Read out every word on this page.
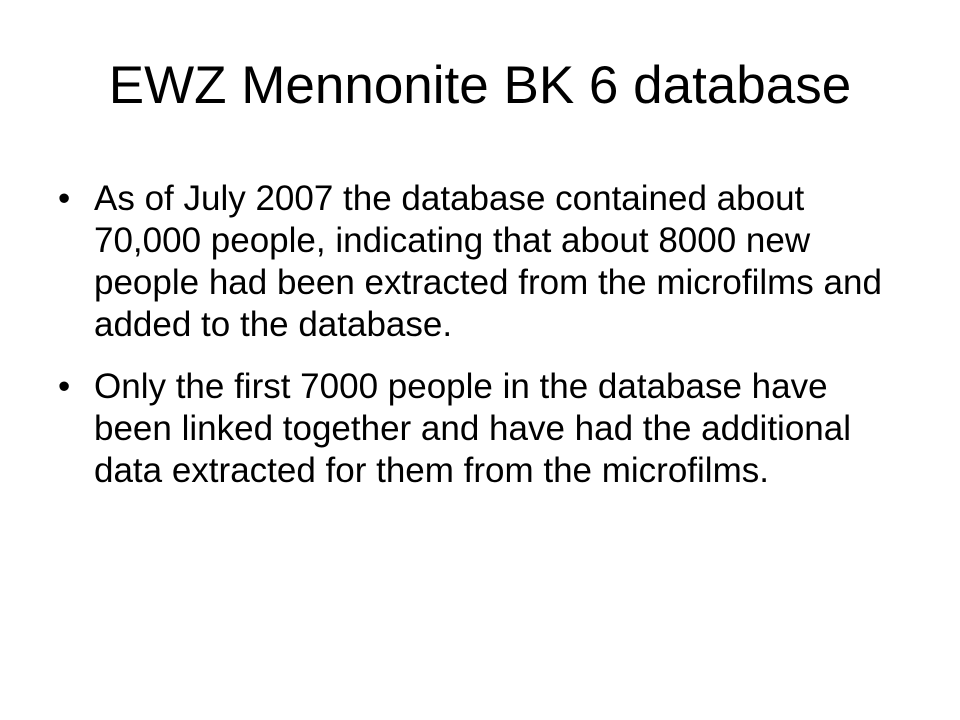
EWZ Mennonite BK 6 database
• As of July 2007 the database contained about 70,000 people, indicating that about 8000 new people had been extracted from the microfilms and added to the database.
• Only the first 7000 people in the database have been linked together and have had the additional data extracted for them from the microfilms.
